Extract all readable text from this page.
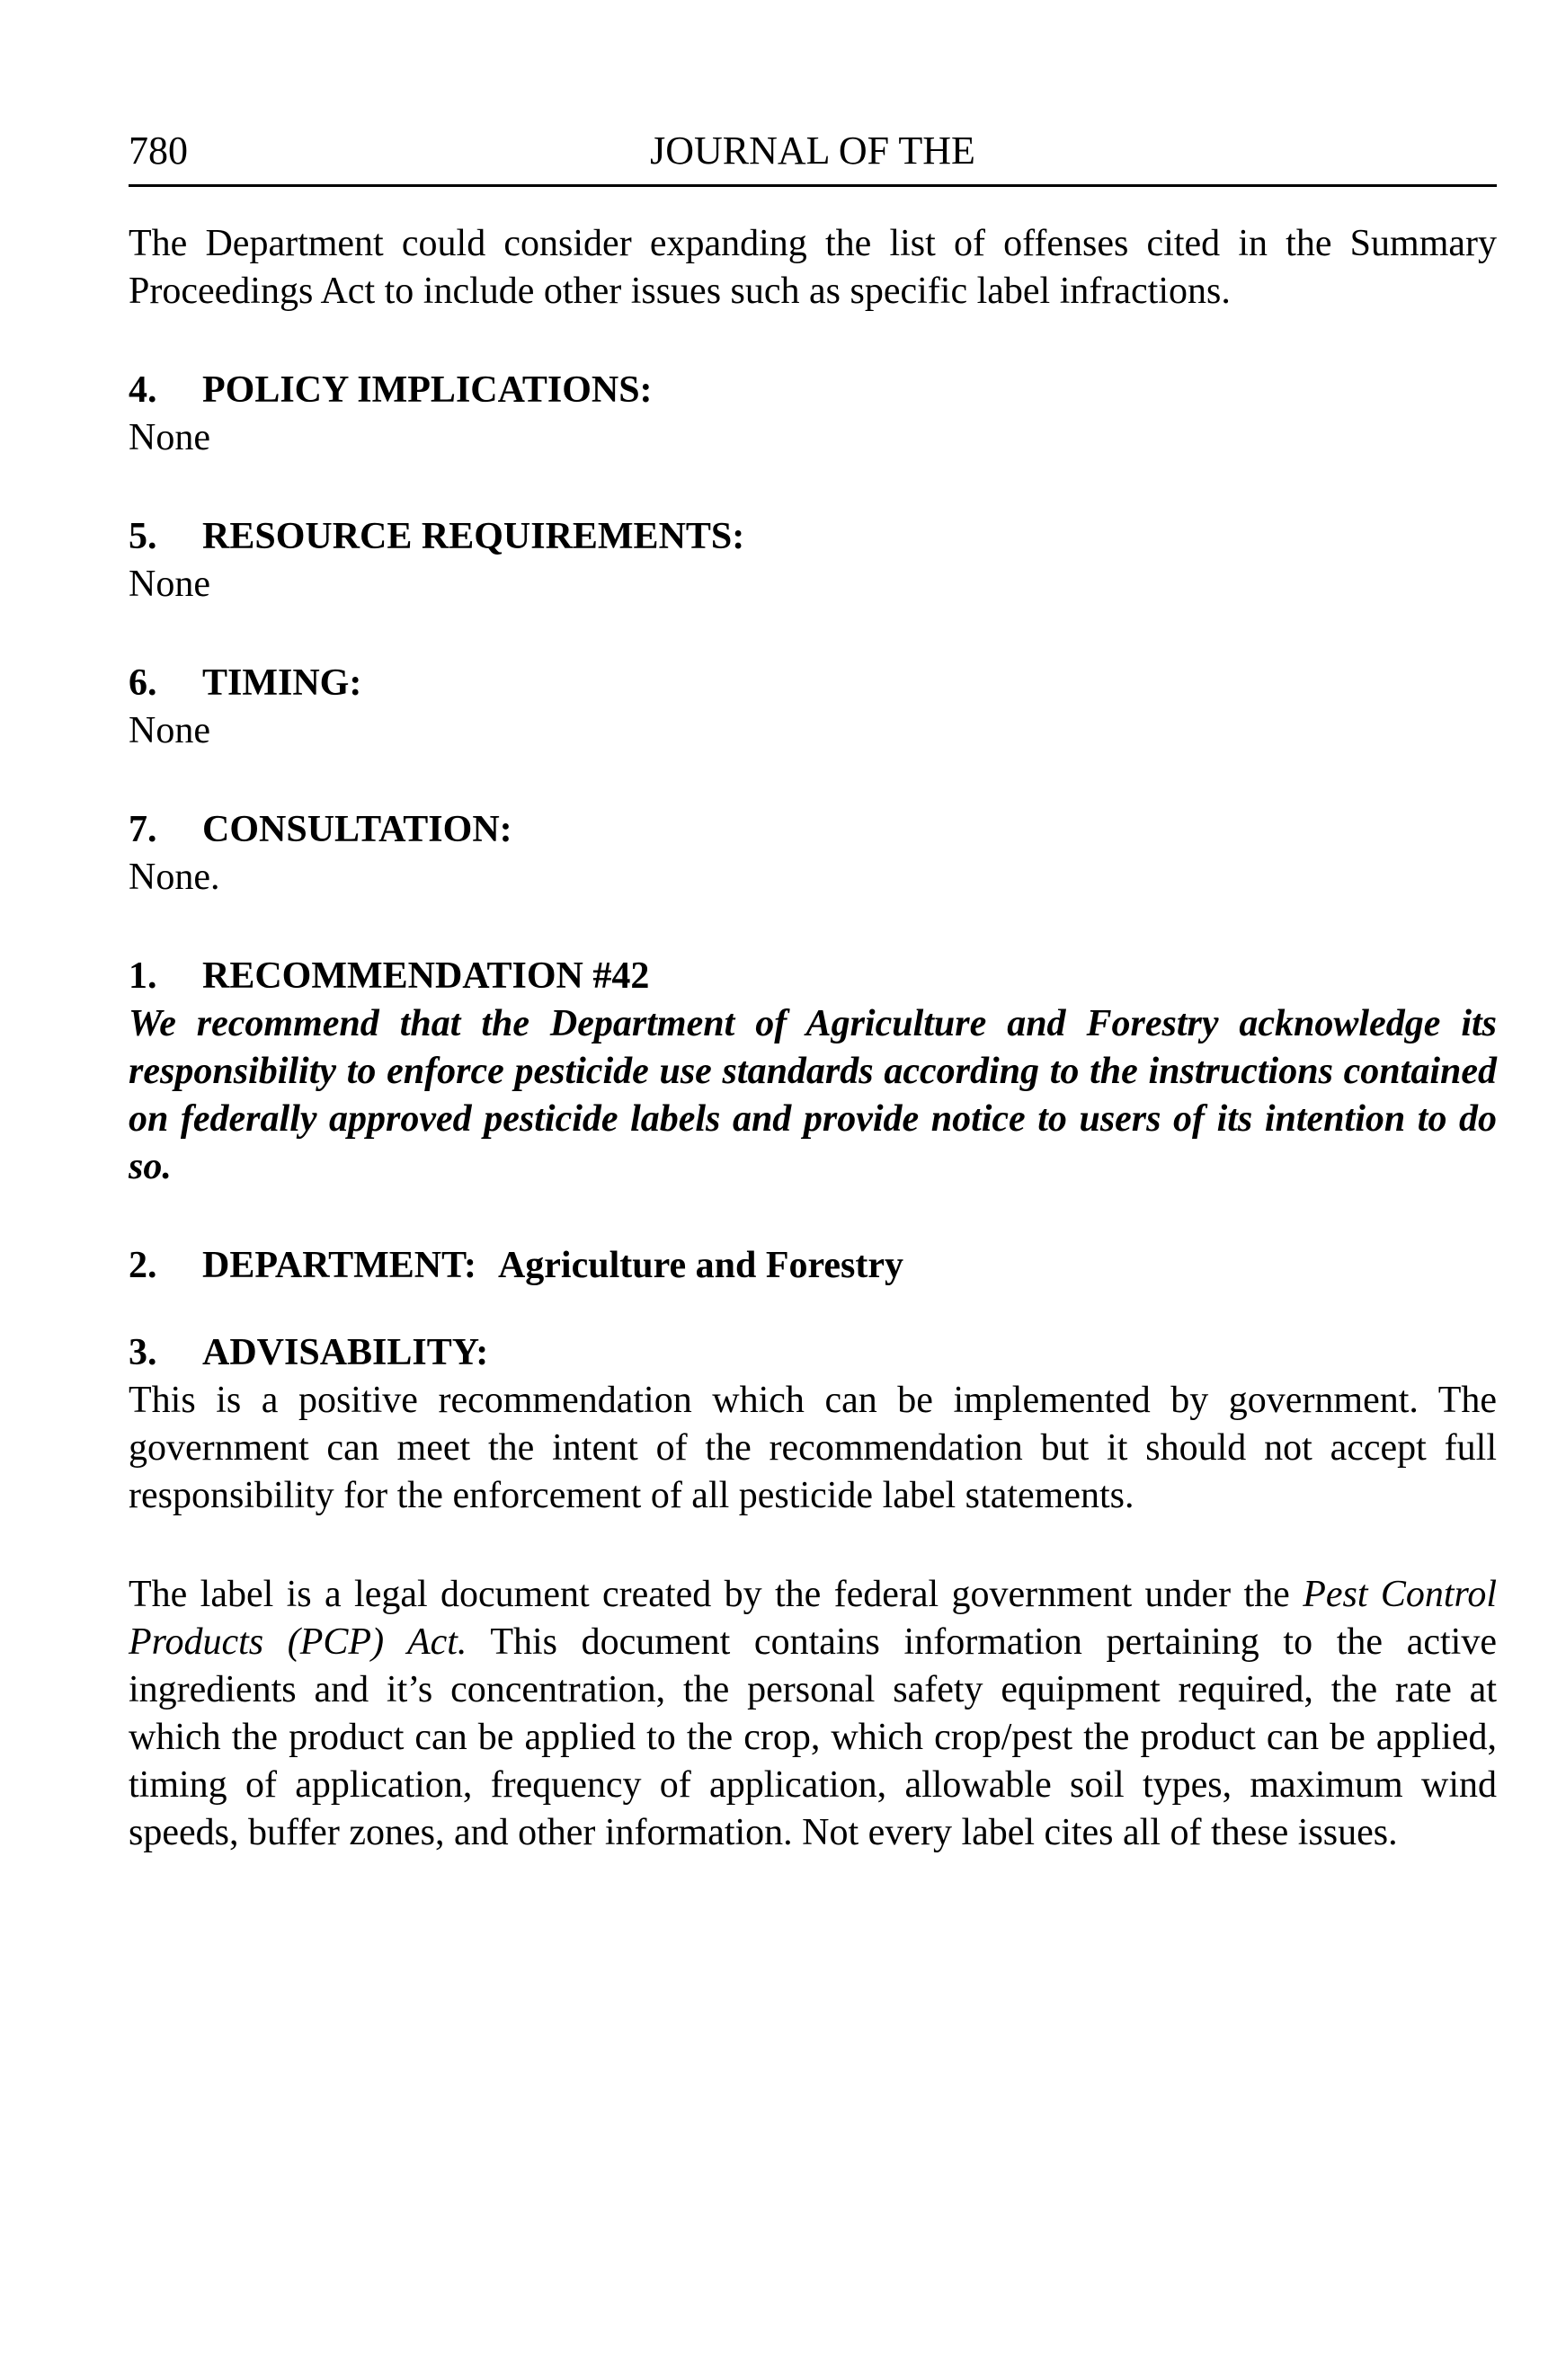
780	JOURNAL OF THE

The Department could consider expanding the list of offenses cited in the Summary Proceedings Act to include other issues such as specific label infractions.

4. POLICY IMPLICATIONS:

None

5. RESOURCE REQUIREMENTS:

None

6. TIMING:

None

7. CONSULTATION:

None.

1. RECOMMENDATION #42

We recommend that the Department of Agriculture and Forestry acknowledge its responsibility to enforce pesticide use standards according to the instructions contained on federally approved pesticide labels and provide notice to users of its intention to do so.

2. DEPARTMENT: Agriculture and Forestry

3. ADVISABILITY:

This is a positive recommendation which can be implemented by government. The government can meet the intent of the recommendation but it should not accept full responsibility for the enforcement of all pesticide label statements.

The label is a legal document created by the federal government under the Pest Control Products (PCP) Act. This document contains information pertaining to the active ingredients and it’s concentration, the personal safety equipment required, the rate at which the product can be applied to the crop, which crop/pest the product can be applied, timing of application, frequency of application, allowable soil types, maximum wind speeds, buffer zones, and other information. Not every label cites all of these issues.
